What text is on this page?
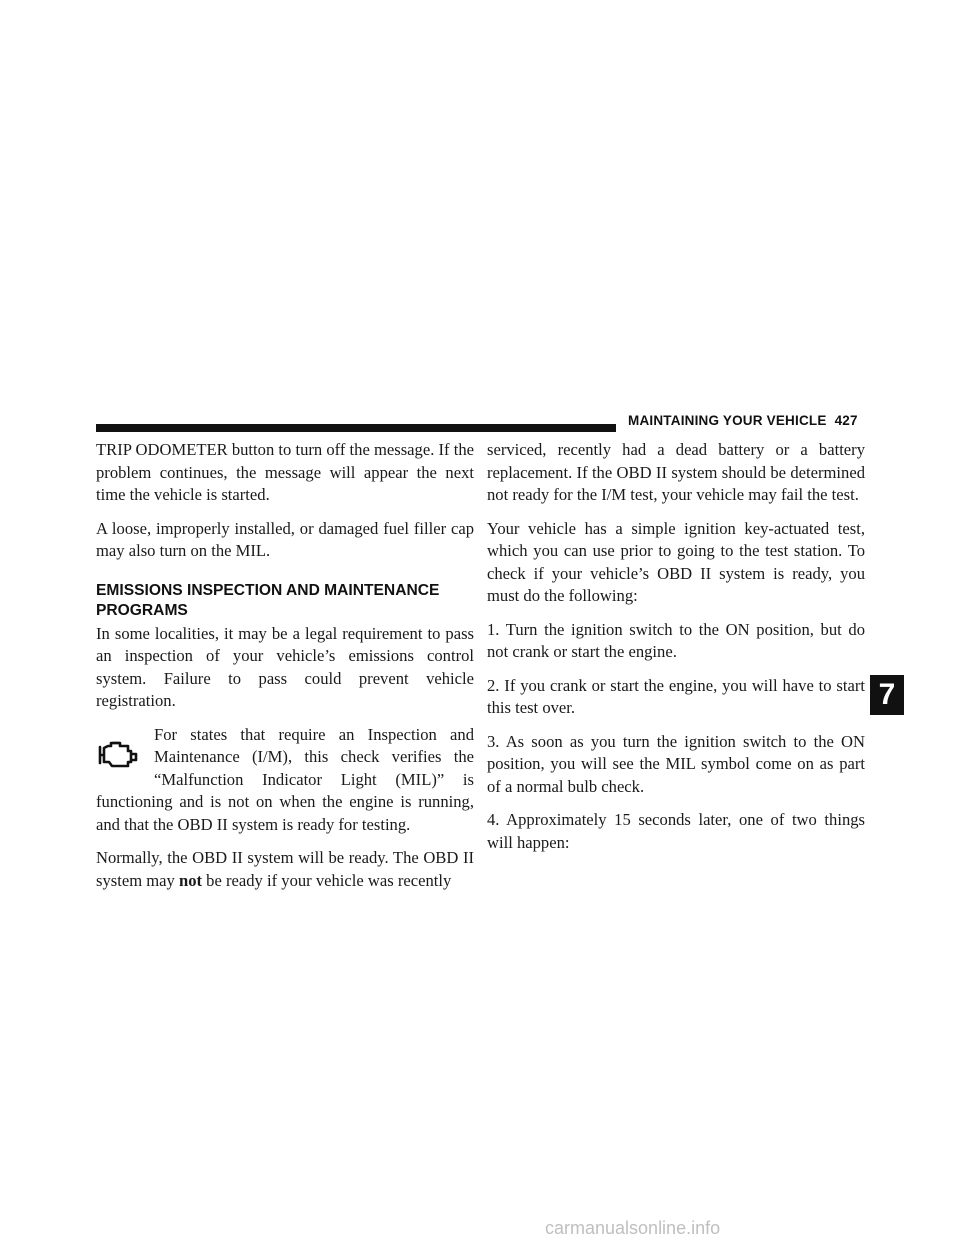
MAINTAINING YOUR VEHICLE 427

TRIP ODOMETER button to turn off the message. If the problem continues, the message will appear the next time the vehicle is started.

A loose, improperly installed, or damaged fuel filler cap may also turn on the MIL.

EMISSIONS INSPECTION AND MAINTENANCE PROGRAMS

In some localities, it may be a legal requirement to pass an inspection of your vehicle’s emissions control system. Failure to pass could prevent vehicle registration.

For states that require an Inspection and Maintenance (I/M), this check verifies the “Malfunction Indicator Light (MIL)” is functioning and is not on when the engine is running, and that the OBD II system is ready for testing.

Normally, the OBD II system will be ready. The OBD II system may not be ready if your vehicle was recently

serviced, recently had a dead battery or a battery replacement. If the OBD II system should be determined not ready for the I/M test, your vehicle may fail the test.

Your vehicle has a simple ignition key-actuated test, which you can use prior to going to the test station. To check if your vehicle’s OBD II system is ready, you must do the following:

1. Turn the ignition switch to the ON position, but do not crank or start the engine.

2. If you crank or start the engine, you will have to start this test over.

3. As soon as you turn the ignition switch to the ON position, you will see the MIL symbol come on as part of a normal bulb check.

4. Approximately 15 seconds later, one of two things will happen:

7
carmanualsonline.info
